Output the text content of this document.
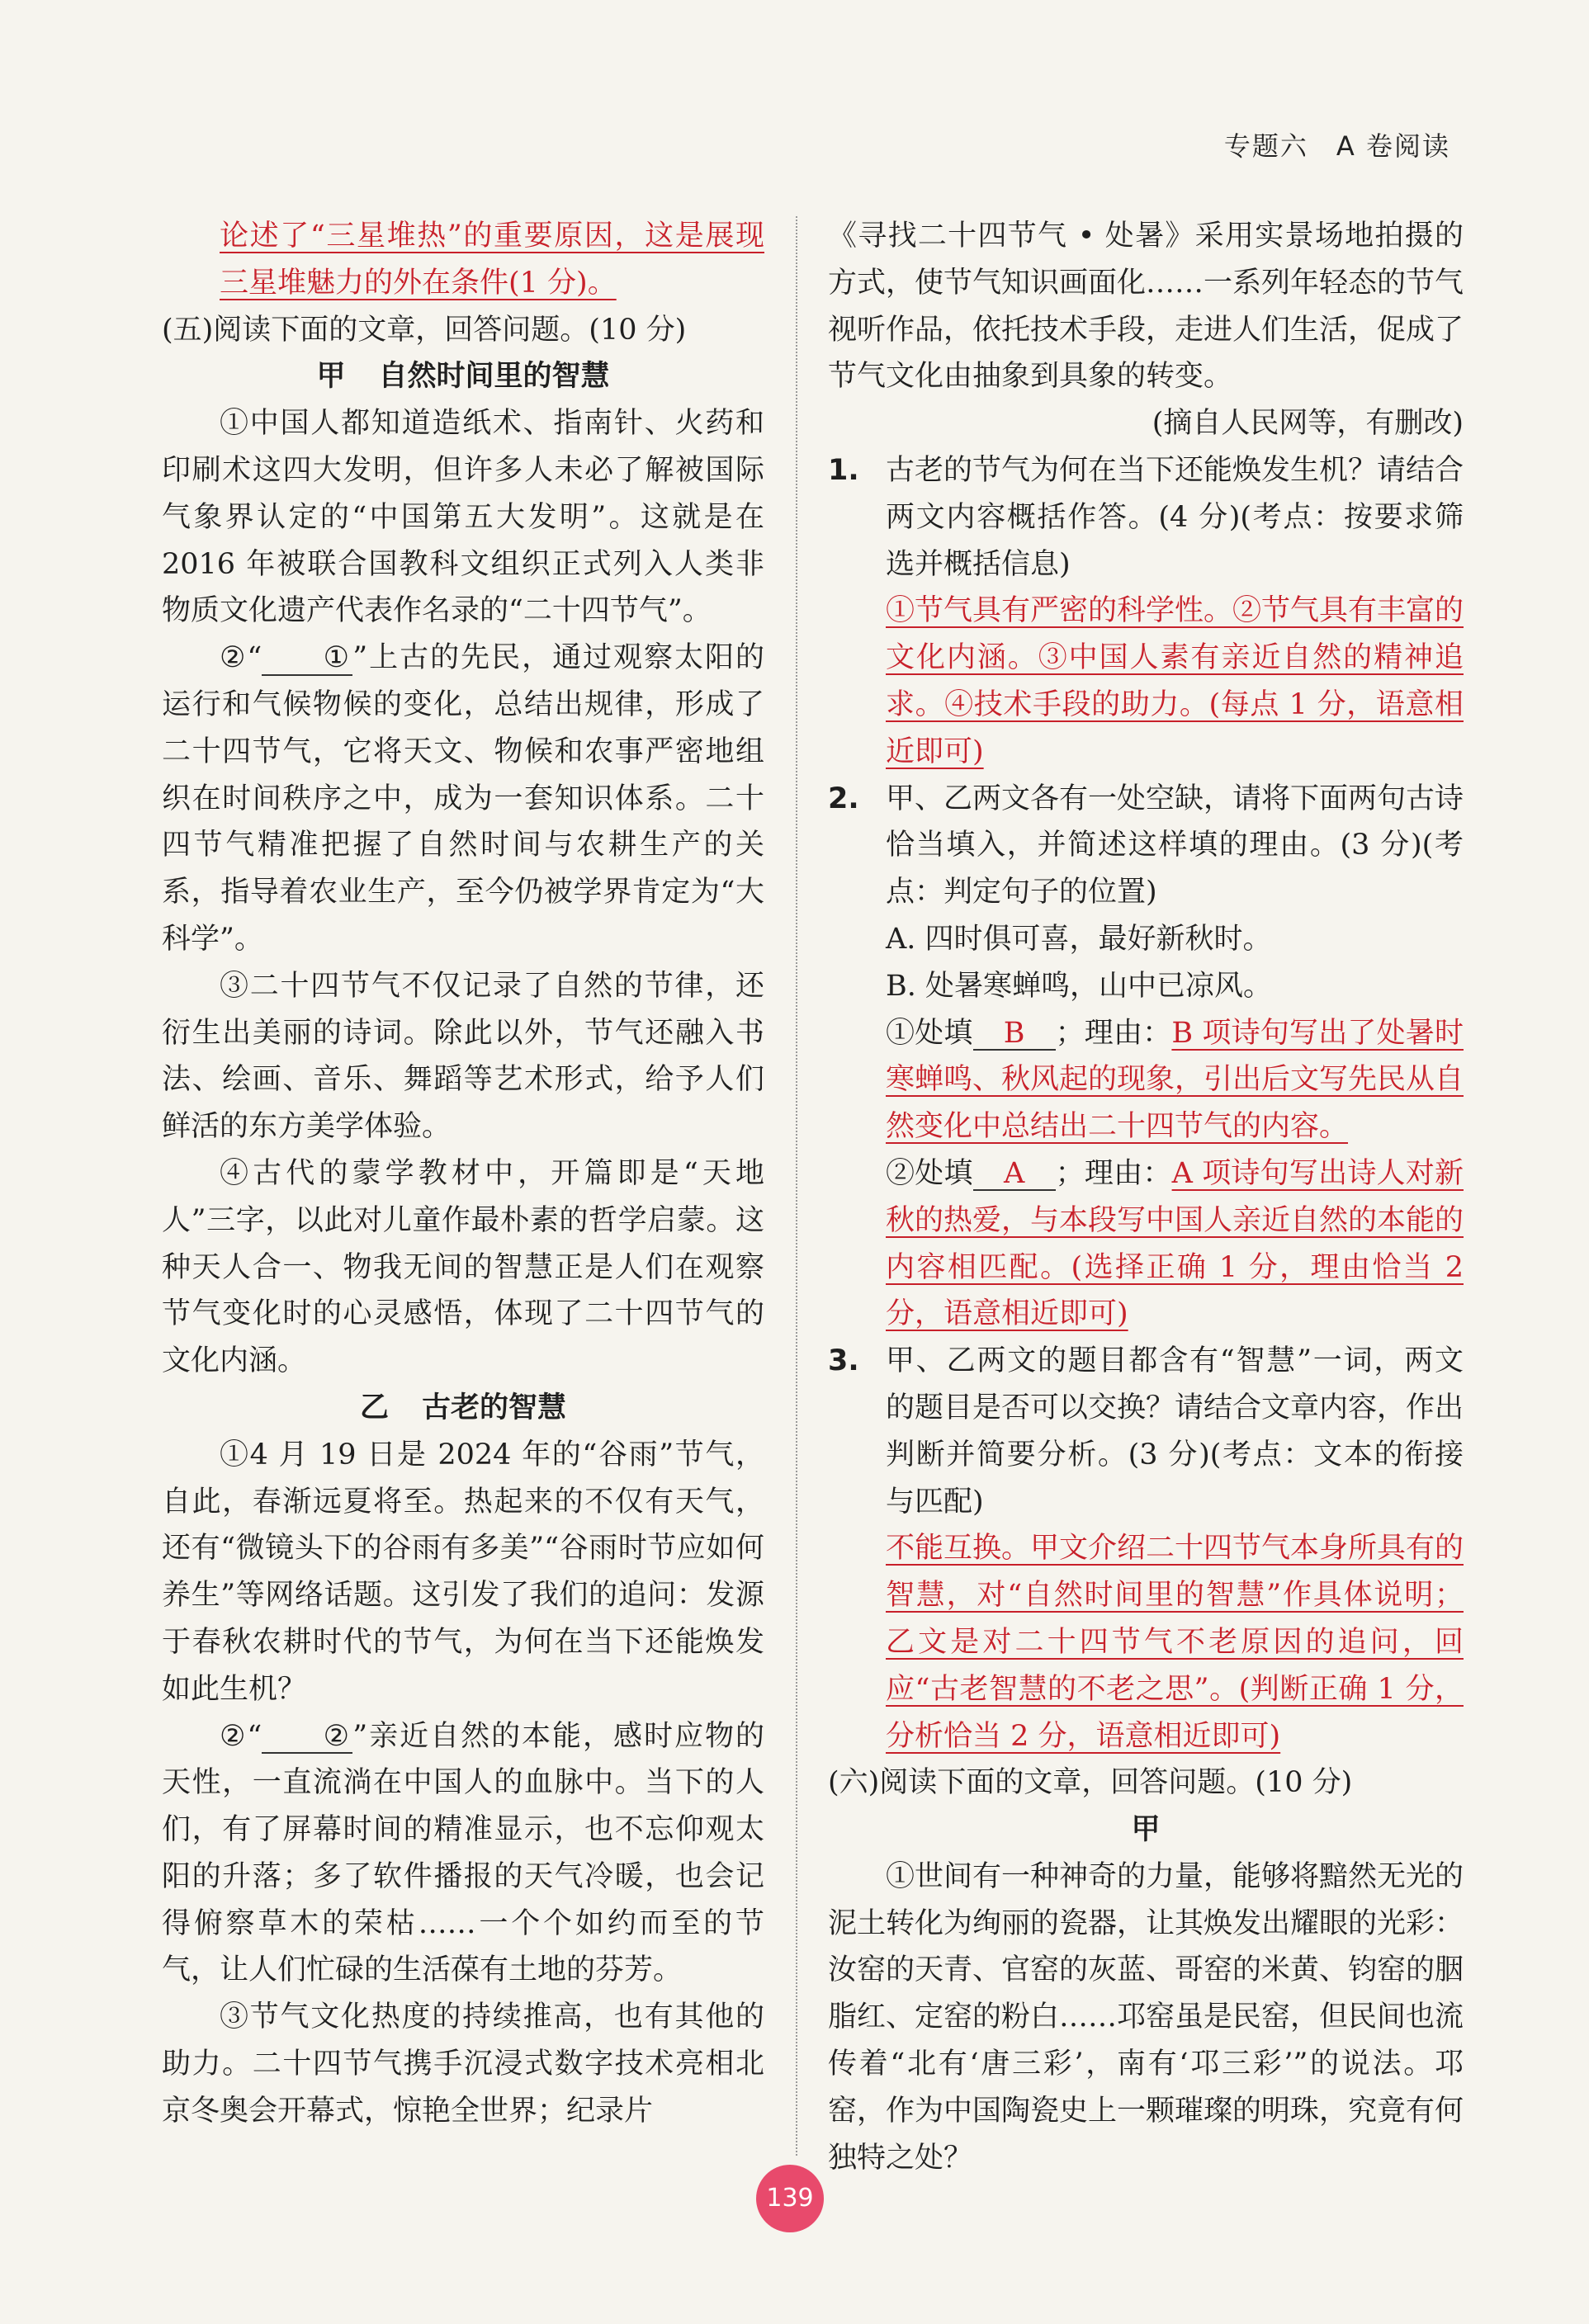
专题六 A 卷阅读

论述了“三星堆热”的重要原因，这是展现三星堆魅力的外在条件(1 分)。

(五)阅读下面的文章，回答问题。(10 分)

甲 自然时间里的智慧

①中国人都知道造纸术、指南针、火药和印刷术这四大发明，但许多人未必了解被国际气象界认定的“中国第五大发明”。这就是在 2016 年被联合国教科文组织正式列入人类非物质文化遗产代表作名录的“二十四节气”。

②“ ① ”上古的先民，通过观察太阳的运行和气候物候的变化，总结出规律，形成了二十四节气，它将天文、物候和农事严密地组织在时间秩序之中，成为一套知识体系。二十四节气精准把握了自然时间与农耕生产的关系，指导着农业生产，至今仍被学界肯定为“大科学”。

③二十四节气不仅记录了自然的节律，还衍生出美丽的诗词。除此以外，节气还融入书法、绘画、音乐、舞蹈等艺术形式，给予人们鲜活的东方美学体验。

④古代的蒙学教材中，开篇即是“天地人”三字，以此对儿童作最朴素的哲学启蒙。这种天人合一、物我无间的智慧正是人们在观察节气变化时的心灵感悟，体现了二十四节气的文化内涵。

乙 古老的智慧

①4 月 19 日是 2024 年的“谷雨”节气，自此，春渐远夏将至。热起来的不仅有天气，还有“微镜头下的谷雨有多美”“谷雨时节应如何养生”等网络话题。这引发了我们的追问：发源于春秋农耕时代的节气，为何在当下还能焕发如此生机？

②“ ② ”亲近自然的本能，感时应物的天性，一直流淌在中国人的血脉中。当下的人们，有了屏幕时间的精准显示，也不忘仰观太阳的升落；多了软件播报的天气冷暖，也会记得俯察草木的荣枯……一个个如约而至的节气，让人们忙碌的生活葆有土地的芬芳。

③节气文化热度的持续推高，也有其他的助力。二十四节气携手沉浸式数字技术亮相北京冬奥会开幕式，惊艳全世界；纪录片

《寻找二十四节气 • 处暑》采用实景场地拍摄的方式，使节气知识画面化……一系列年轻态的节气视听作品，依托技术手段，走进人们生活，促成了节气文化由抽象到具象的转变。

(摘自人民网等，有删改)

1. 古老的节气为何在当下还能焕发生机？请结合两文内容概括作答。(4 分)(考点：按要求筛选并概括信息)

①节气具有严密的科学性。②节气具有丰富的文化内涵。③中国人素有亲近自然的精神追求。④技术手段的助力。(每点 1 分，语意相近即可)

2. 甲、乙两文各有一处空缺，请将下面两句古诗恰当填入，并简述这样填的理由。(3 分)(考点：判定句子的位置)

A. 四时俱可喜，最好新秋时。

B. 处暑寒蝉鸣，山中已凉风。

①处填 B ；理由：B 项诗句写出了处暑时寒蝉鸣、秋风起的现象，引出后文写先民从自然变化中总结出二十四节气的内容。

②处填 A ；理由：A 项诗句写出诗人对新秋的热爱，与本段写中国人亲近自然的本能的内容相匹配。(选择正确 1 分，理由恰当 2 分，语意相近即可)

3. 甲、乙两文的题目都含有“智慧”一词，两文的题目是否可以交换？请结合文章内容，作出判断并简要分析。(3 分)(考点：文本的衔接与匹配)

不能互换。甲文介绍二十四节气本身所具有的智慧，对“自然时间里的智慧”作具体说明；乙文是对二十四节气不老原因的追问，回应“古老智慧的不老之思”。(判断正确 1 分，分析恰当 2 分，语意相近即可)

(六)阅读下面的文章，回答问题。(10 分)

甲

①世间有一种神奇的力量，能够将黯然无光的泥土转化为绚丽的瓷器，让其焕发出耀眼的光彩：汝窑的天青、官窑的灰蓝、哥窑的米黄、钧窑的胭脂红、定窑的粉白……邛窑虽是民窑，但民间也流传着“北有‘唐三彩’，南有‘邛三彩’”的说法。邛窑，作为中国陶瓷史上一颗璀璨的明珠，究竟有何独特之处？

139
